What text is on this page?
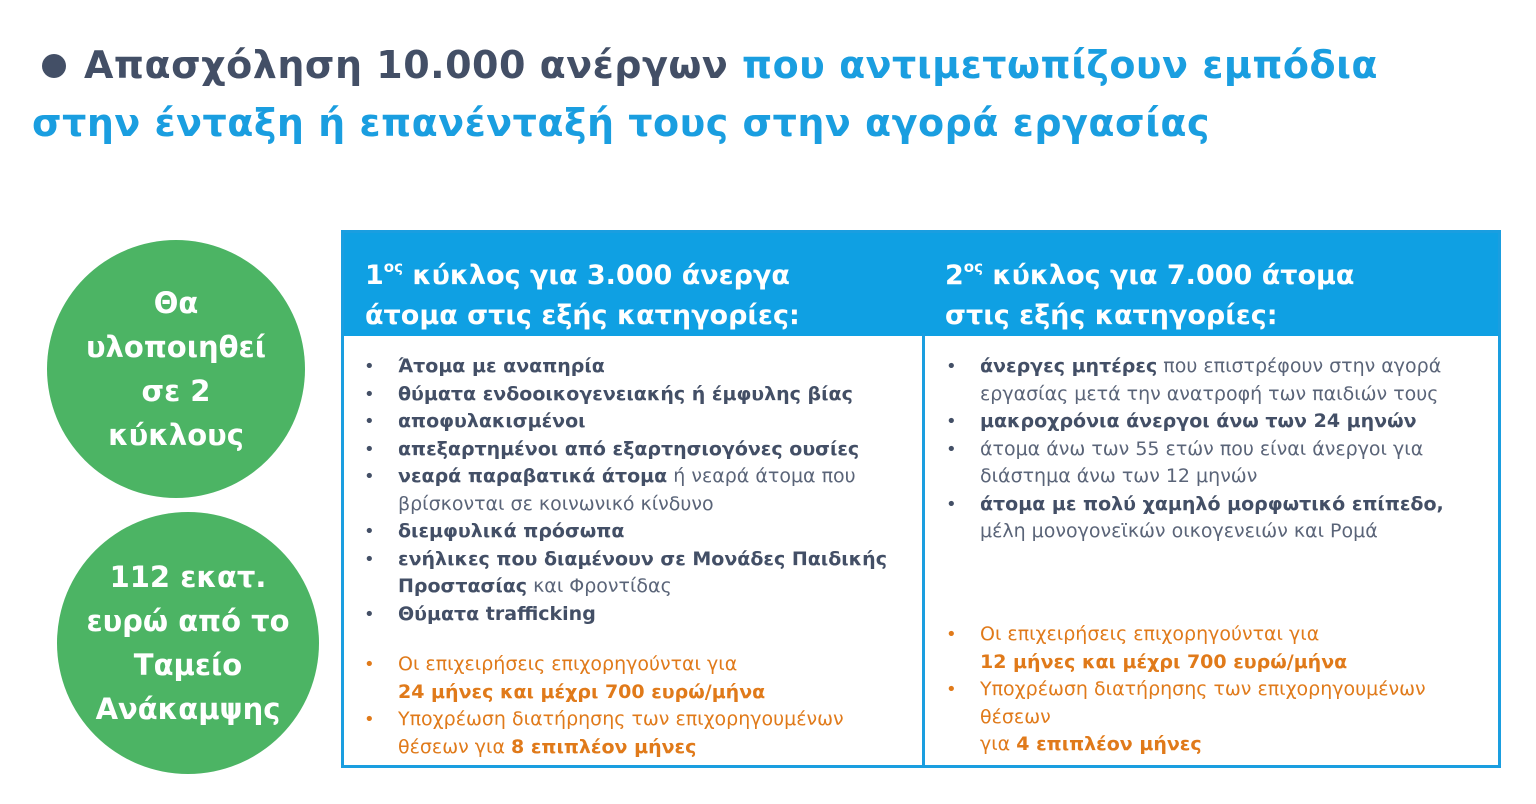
Απασχόληση 10.000 ανέργων που αντιμετωπίζουν εμπόδια
στην ένταξη ή επανένταξή τους στην αγορά εργασίας
Θα
υλοποιηθεί
σε 2
κύκλους
112 εκατ.
ευρώ από το
Ταμείο
Ανάκαμψης
$1^{o\varsigma}$ κύκλος για 3.000 άνεργα
άτομα στις εξής κατηγορίες:
$2^{o\varsigma}$ κύκλος για 7.000 άτομα
στις εξής κατηγορίες:
• Άτομα με αναπηρία
• θύματα ενδοοικογενειακής ή έμφυλης βίας
• αποφυλακισμένοι
• απεξαρτημένοι από εξαρτησιογόνες ουσίες
• νεαρά παραβατικά άτομα ή νεαρά άτομα που βρίσκονται σε κοινωνικό κίνδυνο
• διεμφυλικά πρόσωπα
• ενήλικες που διαμένουν σε Μονάδες Παιδικής Προστασίας και Φροντίδας
• Θύματα trafficking
• Οι επιχειρήσεις επιχορηγούνται για
24 μήνες και μέχρι 700 ευρώ/μήνα
• Υποχρέωση διατήρησης των επιχορηγουμένων θέσεων για 8 επιπλέον μήνες
• άνεργες μητέρες που επιστρέφουν στην αγορά εργασίας μετά την ανατροφή των παιδιών τους
• μακροχρόνια άνεργοι άνω των 24 μηνών
• άτομα άνω των 55 ετών που είναι άνεργοι για διάστημα άνω των 12 μηνών
• άτομα με πολύ χαμηλό μορφωτικό επίπεδο, μέλη μονογονεϊκών οικογενειών και Ρομά
• Οι επιχειρήσεις επιχορηγούνται για
12 μήνες και μέχρι 700 ευρώ/μήνα
• Υποχρέωση διατήρησης των επιχορηγουμένων θέσεων
για 4 επιπλέον μήνες
